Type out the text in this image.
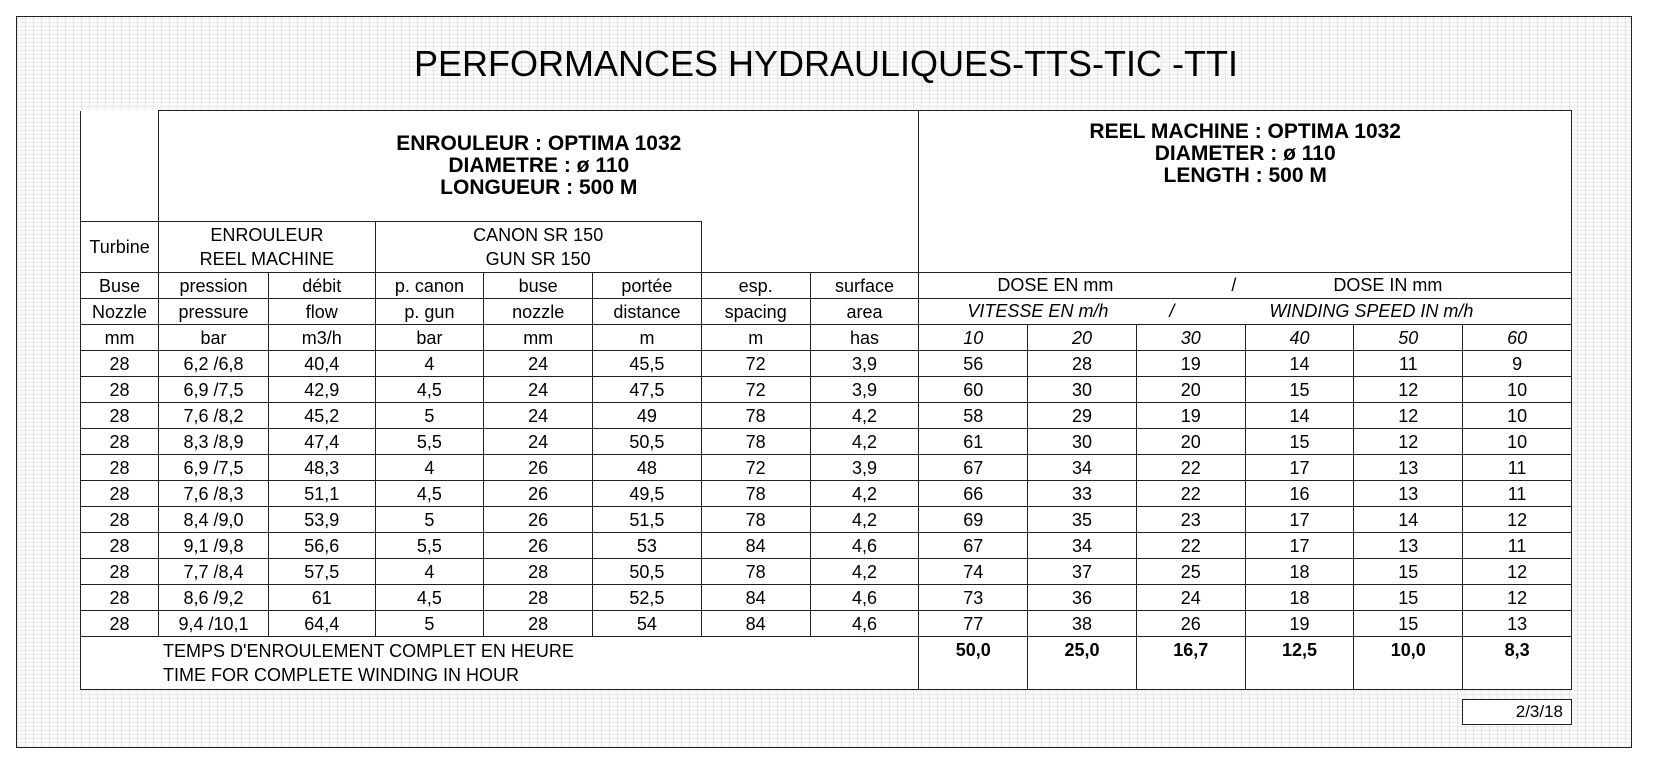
PERFORMANCES HYDRAULIQUES-TTS-TIC -TTI

	ENROULEUR : OPTIMA 1032
DIAMETRE : ø 110
LONGUEUR : 500 M							REEL MACHINE : OPTIMA 1032
DIAMETER : ø 110
LENGTH : 500 M					

Turbine	ENROULEUR
REEL MACHINE		CANON SR 150
GUN SR 150										

Buse	pression	débit	p. canon	buse	portée	esp.	surface	DOSE EN mm / DOSE IN mm					

Nozzle	pressure	flow	p. gun	nozzle	distance	spacing	area	VITESSE EN m/h / WINDING SPEED IN m/h					

mm	bar	m3/h	bar	mm	m	m	has	10	20	30	40	50	60
28	6,2 /6,8	40,4	4	24	45,5	72	3,9	56	28	19	14	11	9
28	6,9 /7,5	42,9	4,5	24	47,5	72	3,9	60	30	20	15	12	10
28	7,6 /8,2	45,2	5	24	49	78	4,2	58	29	19	14	12	10
28	8,3 /8,9	47,4	5,5	24	50,5	78	4,2	61	30	20	15	12	10
28	6,9 /7,5	48,3	4	26	48	72	3,9	67	34	22	17	13	11
28	7,6 /8,3	51,1	4,5	26	49,5	78	4,2	66	33	22	16	13	11
28	8,4 /9,0	53,9	5	26	51,5	78	4,2	69	35	23	17	14	12
28	9,1 /9,8	56,6	5,5	26	53	84	4,6	67	34	22	17	13	11
28	7,7 /8,4	57,5	4	28	50,5	78	4,2	74	37	25	18	15	12
28	8,6 /9,2	61	4,5	28	52,5	84	4,6	73	36	24	18	15	12
28	9,4 /10,1	64,4	5	28	54	84	4,6	77	38	26	19	15	13

TEMPS D'ENROULEMENT COMPLET EN HEURE
TIME FOR COMPLETE WINDING IN HOUR								50,0	25,0	16,7	12,5	10,0	8,3
2/3/18
